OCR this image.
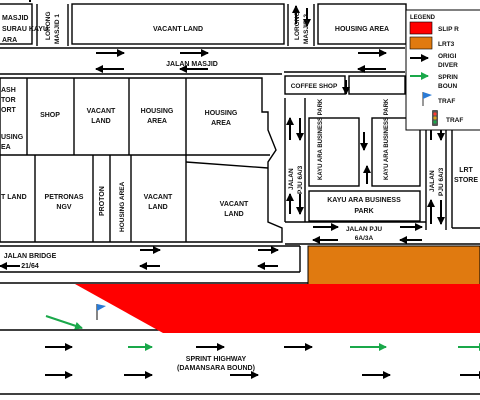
MASJID
SURAU KAYU
ARA
LORONG MASJID 1	VACANT LAND	LORONG MASJID 2	HOUSING AREA
JALAN MASJID
ASH
TOR
ORT
USING
EA
SHOP
VACANT
LAND
HOUSING
AREA
HOUSING
AREA
COFFEE SHOP
T LAND	PETRONAS
NGV	PROTON HOUSING AREA	VACANT
LAND	VACANT
LAND
KAYU ARA BUSINESS PARK	KAYU ARA BUSINESS PARK
KAYU ARA BUSINESS
PARK
JALAN PJU 6A/3	JALAN PJU 6A/3
JALAN PJU
6A/3A
LRT
STORE
JALAN BRIDGE
21/64
SPRINT HIGHWAY
(DAMANSARA BOUND)
LEGEND
SLIP R
LRT3
ORIGI
DIVER
SPRIN
BOUN
TRAF
TRAF
